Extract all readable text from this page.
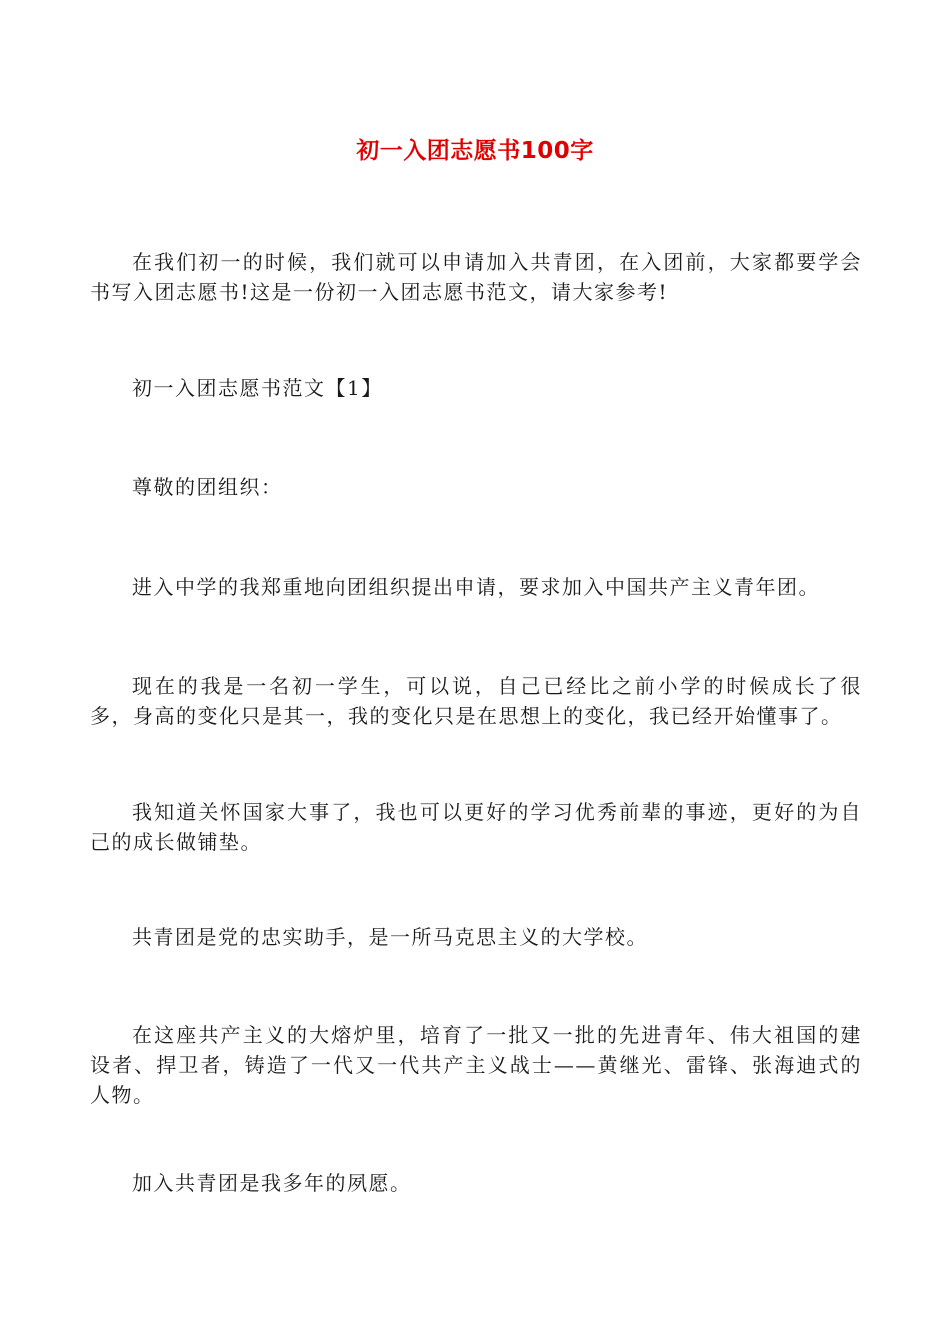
初一入团志愿书100字

在我们初一的时候，我们就可以申请加入共青团，在入团前，大家都要学会书写入团志愿书!这是一份初一入团志愿书范文，请大家参考!

初一入团志愿书范文【1】

尊敬的团组织：

进入中学的我郑重地向团组织提出申请，要求加入中国共产主义青年团。

现在的我是一名初一学生，可以说，自己已经比之前小学的时候成长了很多，身高的变化只是其一，我的变化只是在思想上的变化，我已经开始懂事了。

我知道关怀国家大事了，我也可以更好的学习优秀前辈的事迹，更好的为自己的成长做铺垫。

共青团是党的忠实助手，是一所马克思主义的大学校。

在这座共产主义的大熔炉里，培育了一批又一批的先进青年、伟大祖国的建设者、捍卫者，铸造了一代又一代共产主义战士——黄继光、雷锋、张海迪式的人物。

加入共青团是我多年的夙愿。
